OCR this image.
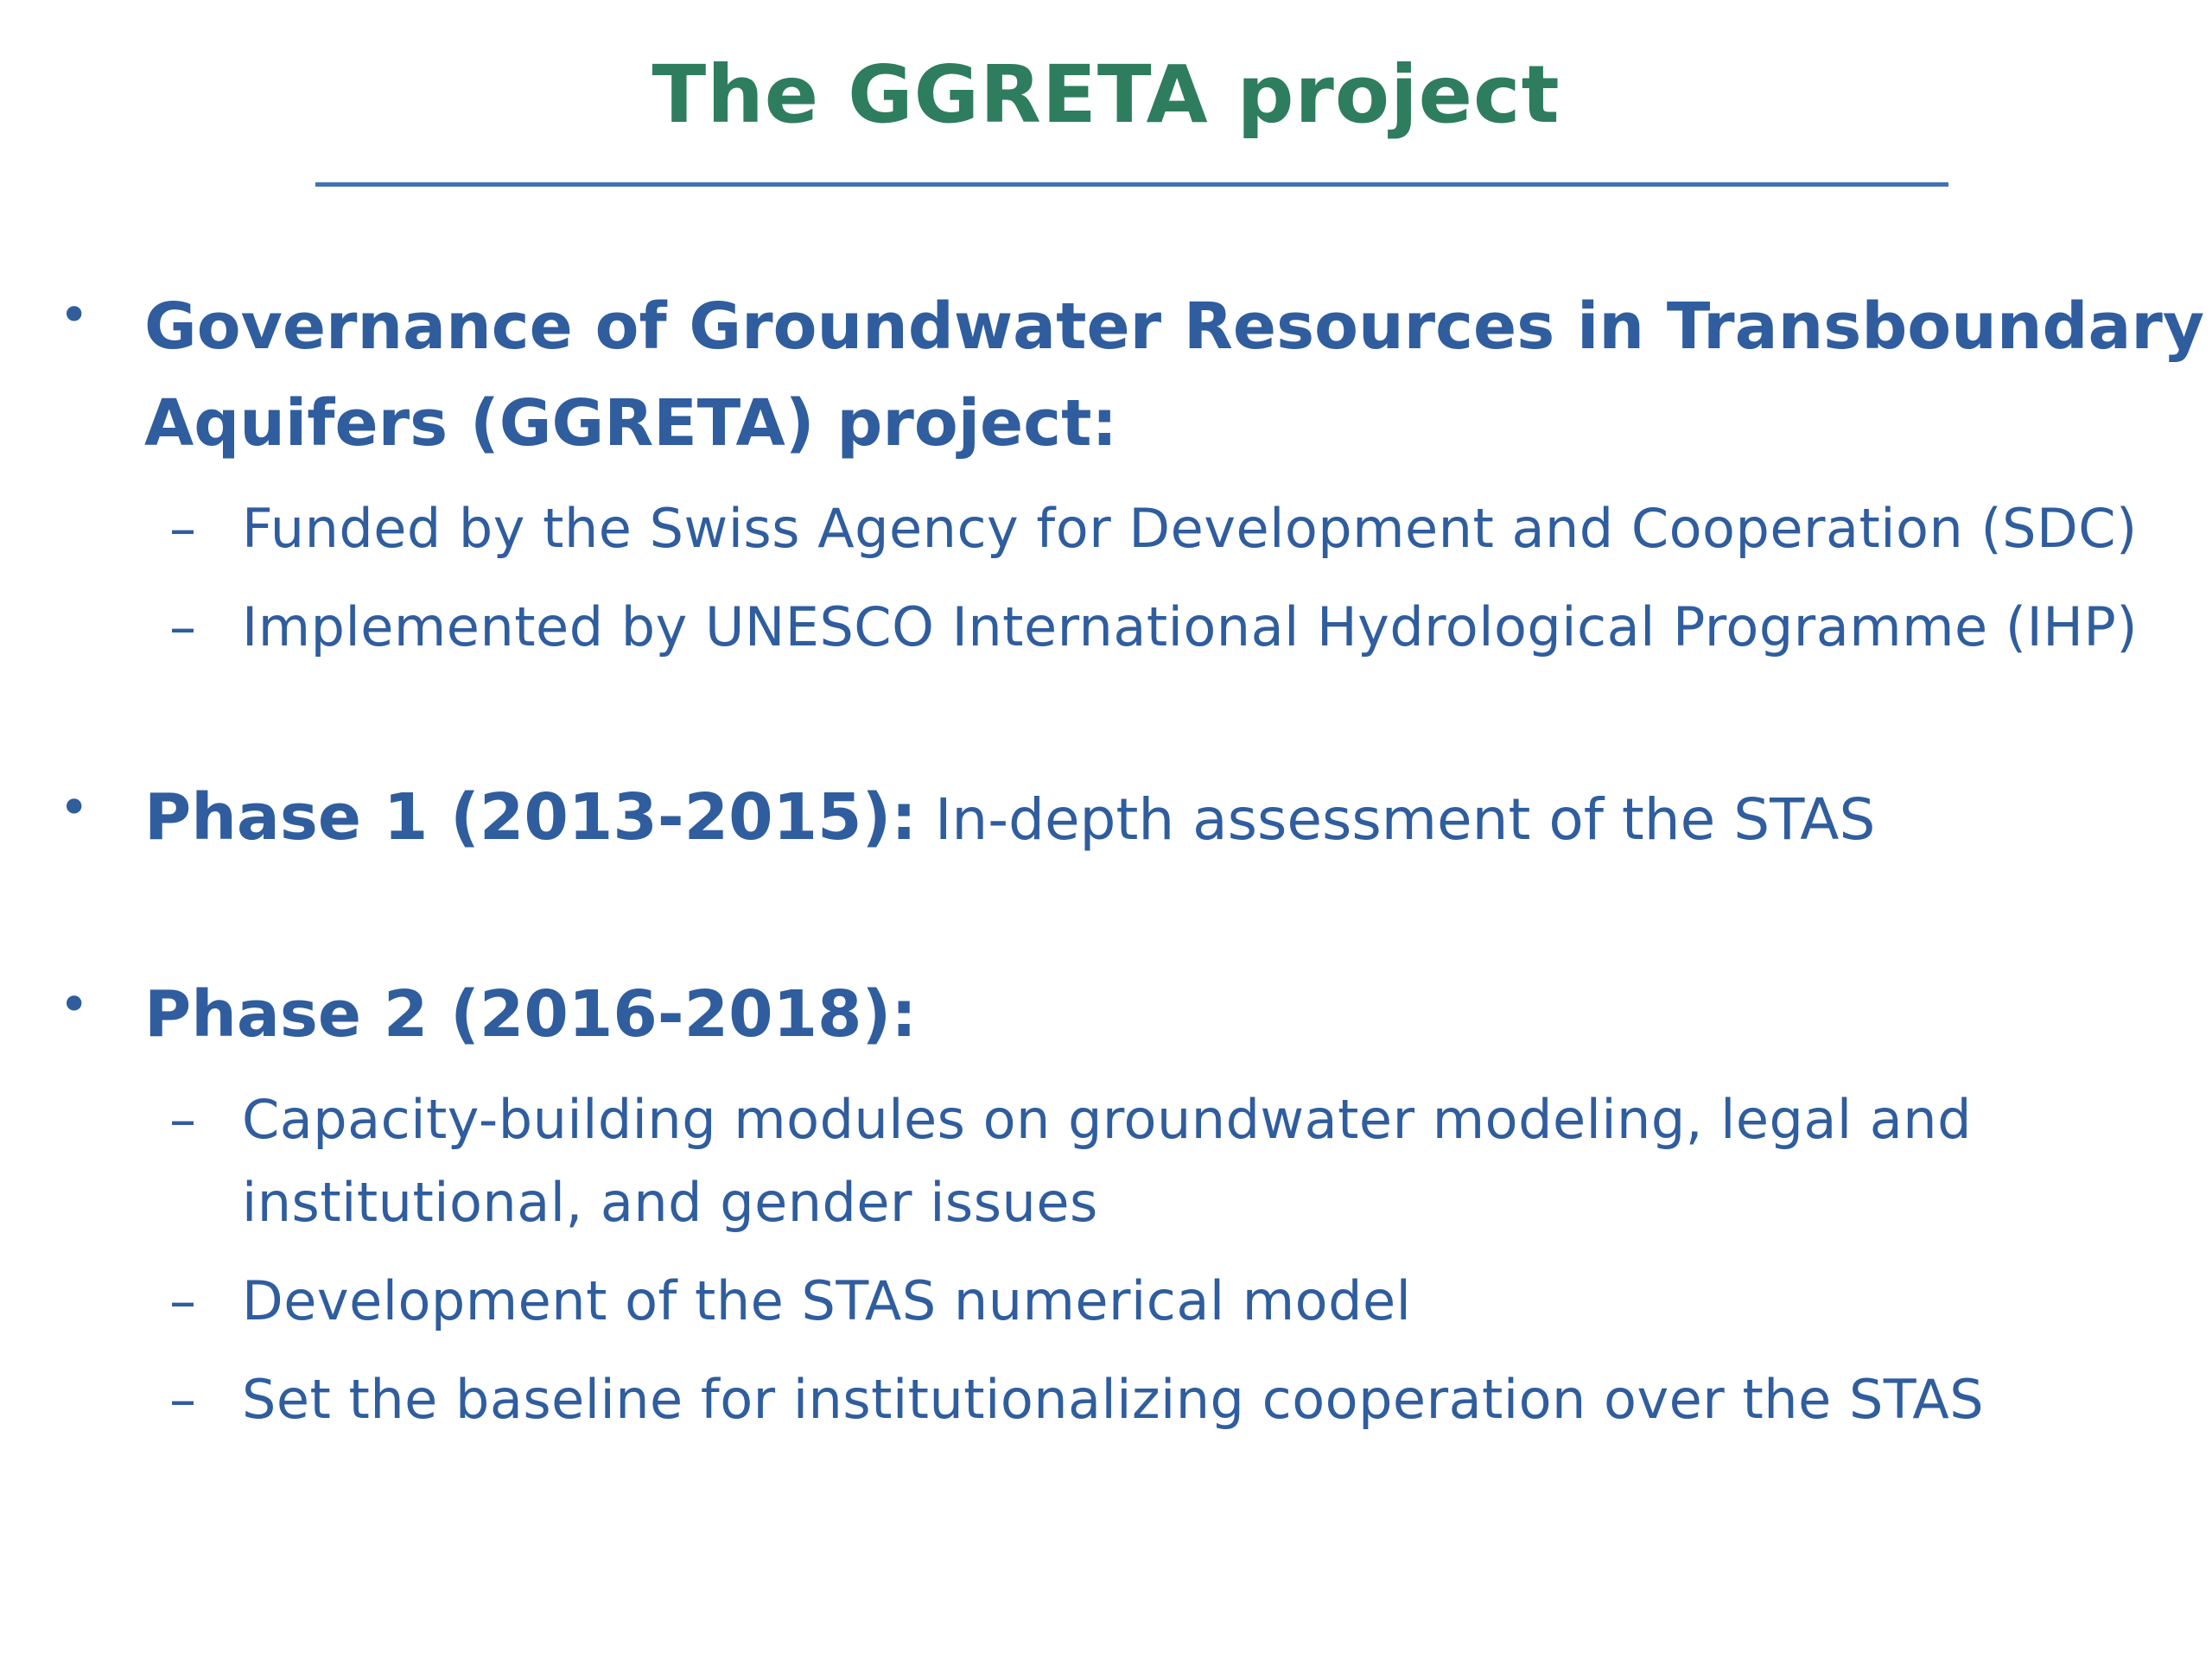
The GGRETA project
• Governance of Groundwater Resources in Transboundary
Aquifers (GGRETA) project:
– Funded by the Swiss Agency for Development and Cooperation (SDC)
– Implemented by UNESCO International Hydrological Programme (IHP)
• Phase 1 (2013-2015): In-depth assessment of the STAS
• Phase 2 (2016-2018):
– Capacity-building modules on groundwater modeling, legal and
institutional, and gender issues
– Development of the STAS numerical model
– Set the baseline for institutionalizing cooperation over the STAS
